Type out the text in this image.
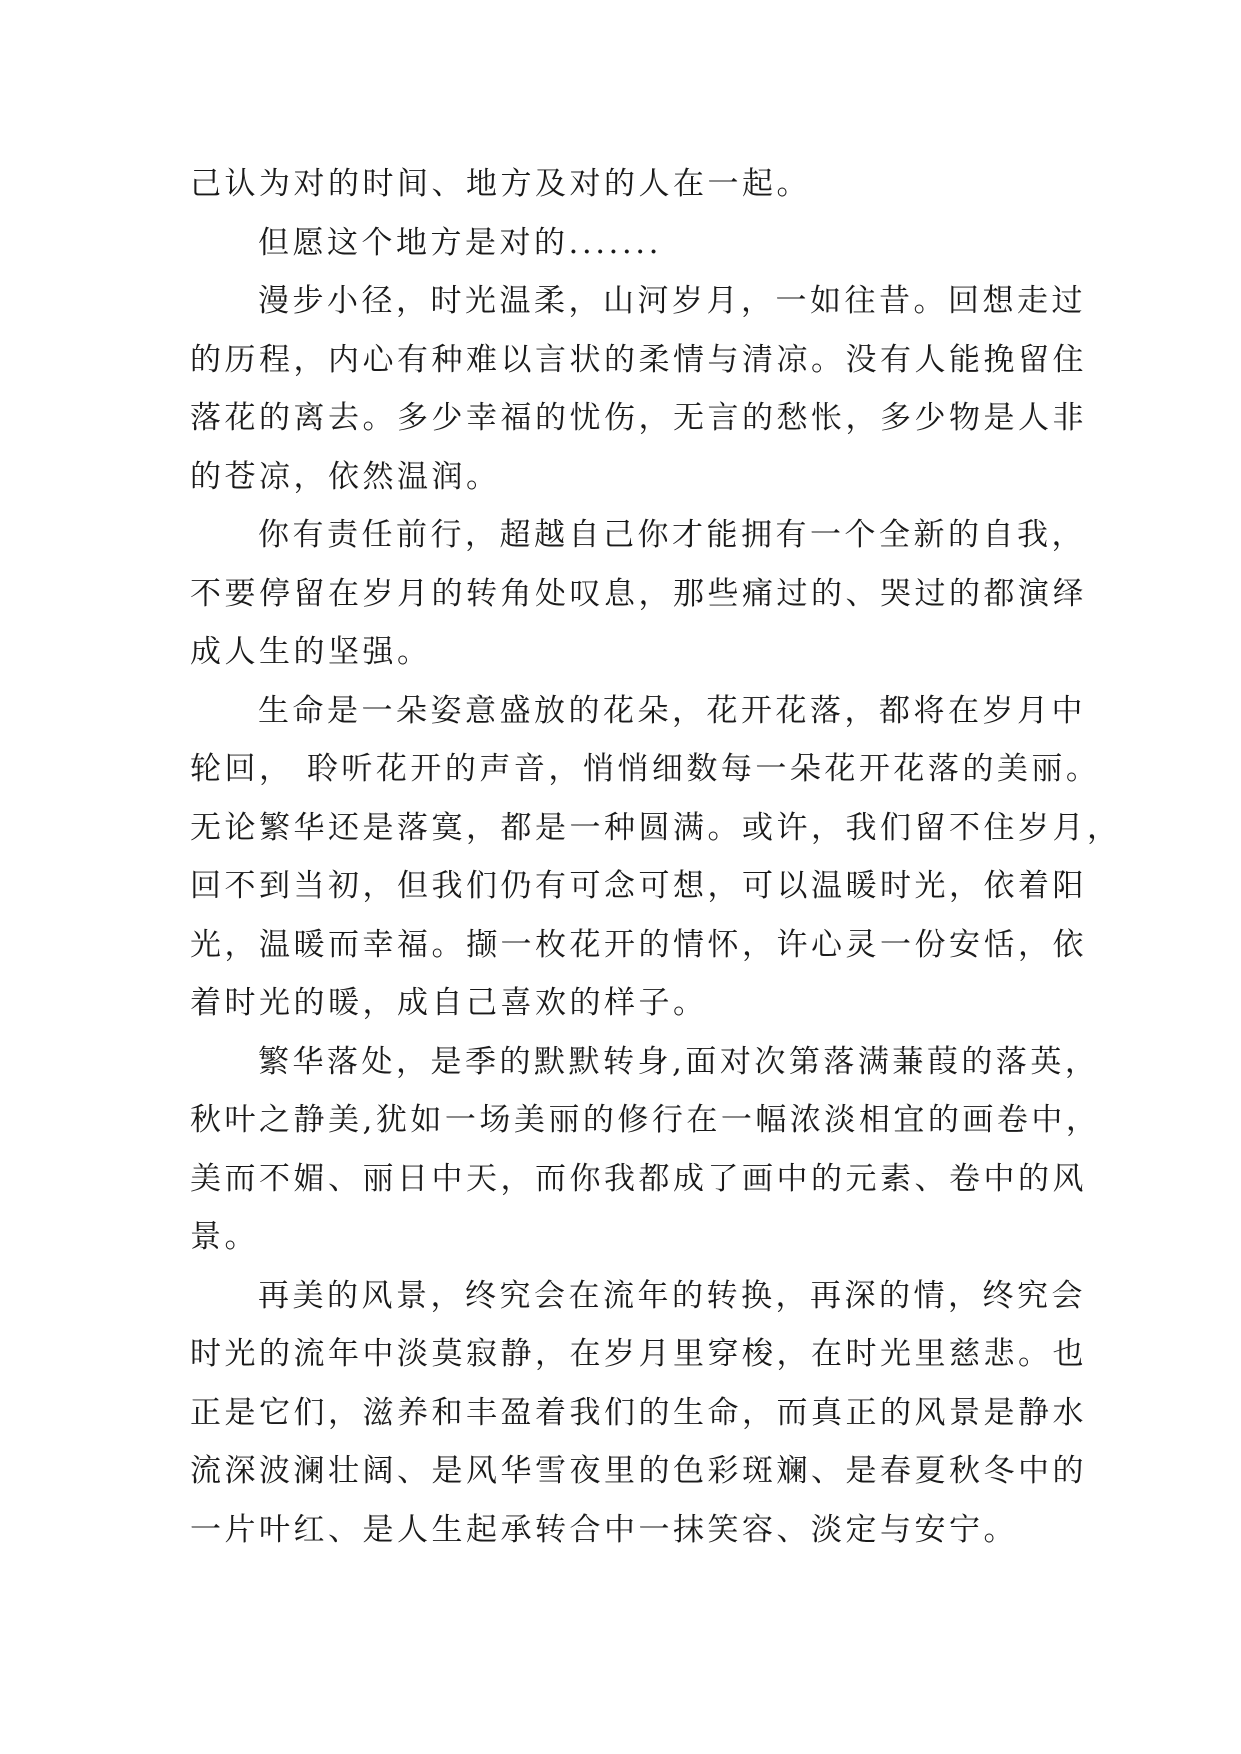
己认为对的时间、地方及对的人在一起。
但愿这个地方是对的.......
漫步小径，时光温柔，山河岁月，一如往昔。回想走过
的历程，内心有种难以言状的柔情与清凉。没有人能挽留住
落花的离去。多少幸福的忧伤，无言的愁怅，多少物是人非
的苍凉，依然温润。
你有责任前行，超越自己你才能拥有一个全新的自我，
不要停留在岁月的转角处叹息，那些痛过的、哭过的都演绎
成人生的坚强。
生命是一朵姿意盛放的花朵，花开花落，都将在岁月中
轮回， 聆听花开的声音，悄悄细数每一朵花开花落的美丽。
无论繁华还是落寞，都是一种圆满。或许，我们留不住岁月，
回不到当初，但我们仍有可念可想，可以温暖时光，依着阳
光，温暖而幸福。撷一枚花开的情怀，许心灵一份安恬，依
着时光的暖，成自己喜欢的样子。
繁华落处，是季的默默转身,面对次第落满蒹葭的落英，
秋叶之静美,犹如一场美丽的修行在一幅浓淡相宜的画卷中，
美而不媚、丽日中天，而你我都成了画中的元素、卷中的风
景。
再美的风景，终究会在流年的转换，再深的情，终究会
时光的流年中淡莫寂静，在岁月里穿梭，在时光里慈悲。也
正是它们，滋养和丰盈着我们的生命，而真正的风景是静水
流深波澜壮阔、是风华雪夜里的色彩斑斓、是春夏秋冬中的
一片叶红、是人生起承转合中一抹笑容、淡定与安宁。
